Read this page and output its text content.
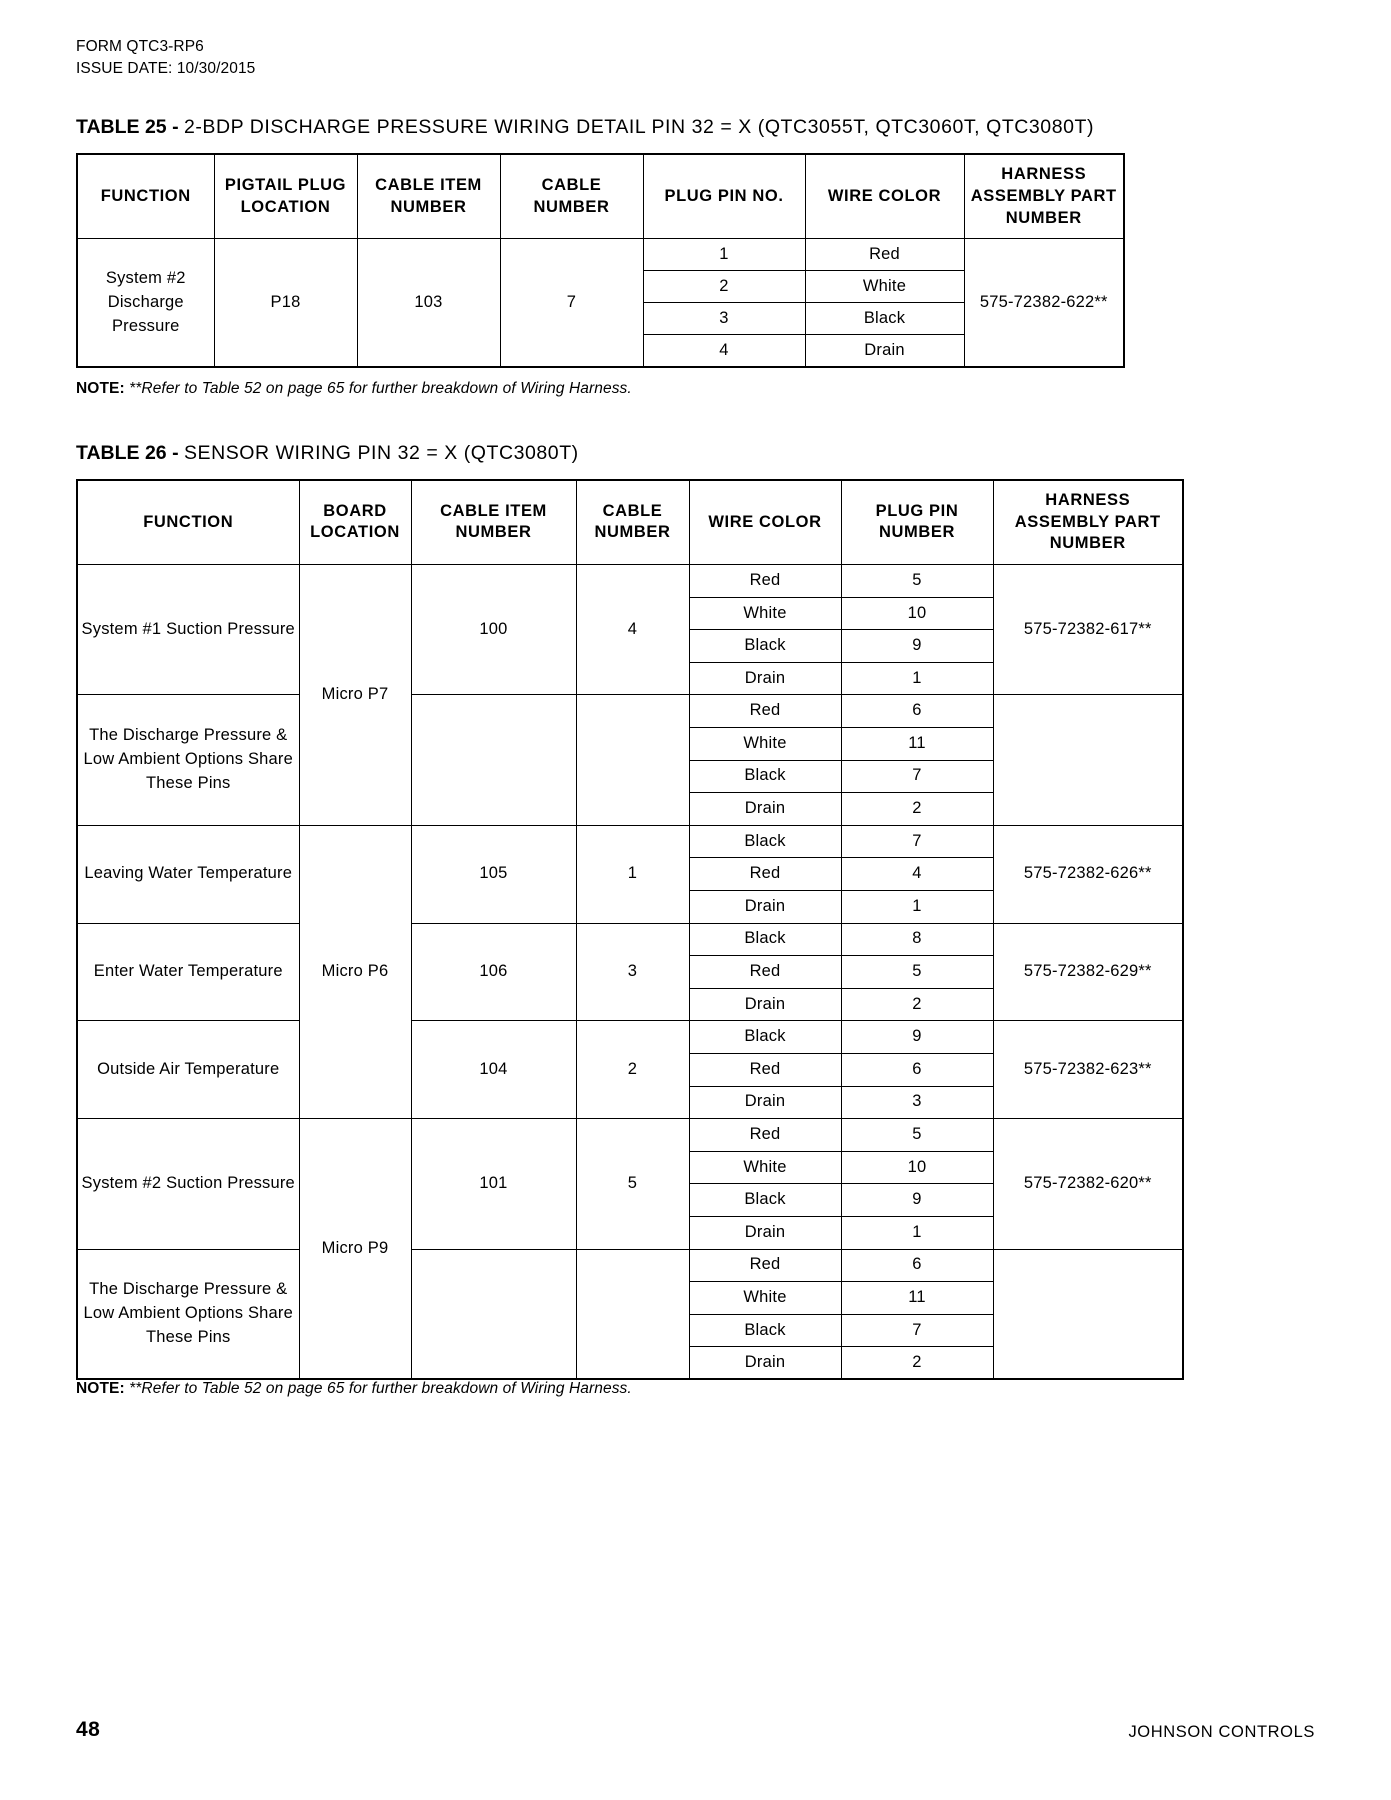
FORM QTC3-RP6
ISSUE DATE: 10/30/2015
TABLE 25 - 2-BDP DISCHARGE PRESSURE WIRING DETAIL PIN 32 = X (QTC3055T, QTC3060T, QTC3080T)
FUNCTION	PIGTAIL PLUG LOCATION	CABLE ITEM NUMBER	CABLE NUMBER	PLUG PIN NO.	WIRE COLOR	HARNESS ASSEMBLY PART NUMBER
System #2 Discharge Pressure	P18	103	7	1	Red	575-72382-622**
				2	White	
				3	Black	
				4	Drain	

NOTE: **Refer to Table 52 on page 65 for further breakdown of Wiring Harness.

TABLE 26 - SENSOR WIRING PIN 32 = X (QTC3080T)
FUNCTION	BOARD LOCATION	CABLE ITEM NUMBER	CABLE NUMBER	WIRE COLOR	PLUG PIN NUMBER	HARNESS ASSEMBLY PART NUMBER
System #1 Suction Pressure	Micro P7	100	4	Red	5	575-72382-617**
				White	10	
				Black	9	
				Drain	1	
The Discharge Pressure & Low Ambient Options Share These Pins				Red	6	
				White	11	
				Black	7	
				Drain	2	
Leaving Water Temperature	Micro P6	105	1	Black	7	575-72382-626**
				Red	4	
				Drain	1	
Enter Water Temperature		106	3	Black	8	575-72382-629**
				Red	5	
				Drain	2	
Outside Air Temperature		104	2	Black	9	575-72382-623**
				Red	6	
				Drain	3	
System #2 Suction Pressure	Micro P9	101	5	Red	5	575-72382-620**
				White	10	
				Black	9	
				Drain	1	
The Discharge Pressure & Low Ambient Options Share These Pins				Red	6	
				White	11	
				Black	7	
				Drain	2	

NOTE: **Refer to Table 52 on page 65 for further breakdown of Wiring Harness.

48	JOHNSON CONTROLS
